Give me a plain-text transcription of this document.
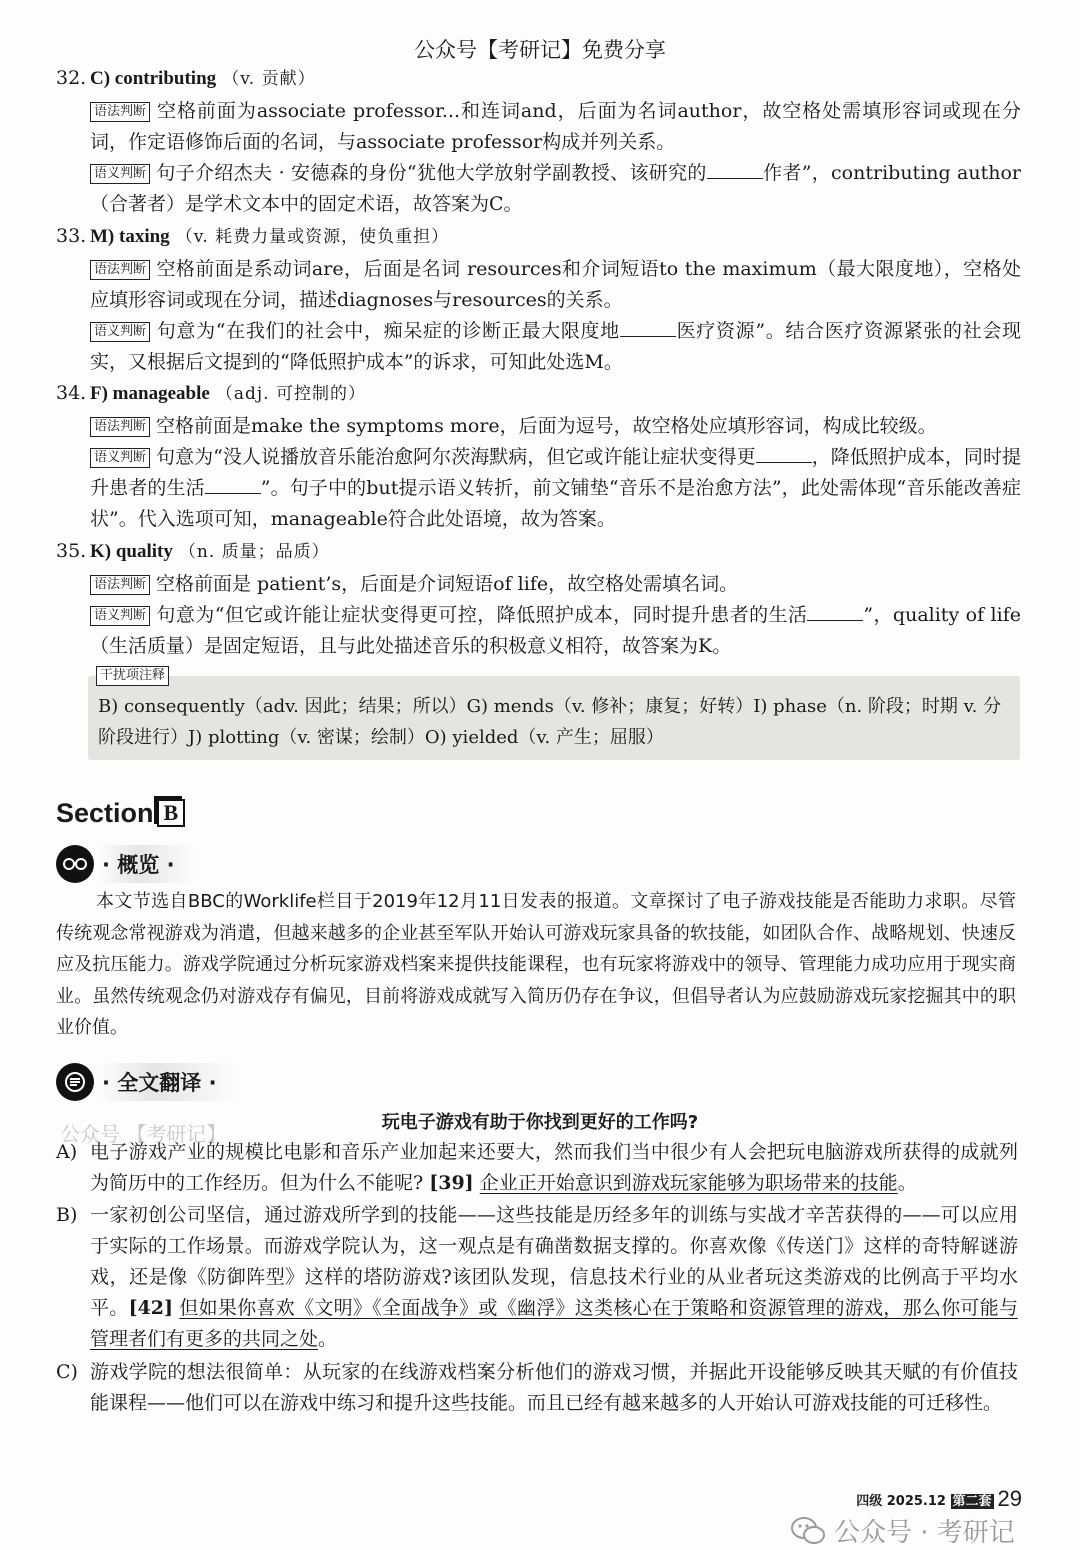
公众号【考研记】免费分享
32. C) contributing （v. 贡献）
语法判断 空格前面为associate professor...和连词and，后面为名词author，故空格处需填形容词或现在分词，作定语修饰后面的名词，与associate professor构成并列关系。
语义判断 句子介绍杰夫 · 安德森的身份“犹他大学放射学副教授、该研究的	作者”，contributing author（合著者）是学术文本中的固定术语，故答案为C。
33. M) taxing （v. 耗费力量或资源，使负重担）
语法判断 空格前面是系动词are，后面是名词 resources和介词短语to the maximum（最大限度地），空格处应填形容词或现在分词，描述diagnoses与resources的关系。
语义判断 句意为“在我们的社会中，痴呆症的诊断正最大限度地	医疗资源”。结合医疗资源紧张的社会现实，又根据后文提到的“降低照护成本”的诉求，可知此处选M。
34. F) manageable （adj. 可控制的）
语法判断 空格前面是make the symptoms more，后面为逗号，故空格处应填形容词，构成比较级。
语义判断 句意为“没人说播放音乐能治愈阿尔茨海默病，但它或许能让症状变得更	，降低照护成本，同时提升患者的生活	”。句子中的but提示语义转折，前文铺垫“音乐不是治愈方法”，此处需体现“音乐能改善症状”。代入选项可知，manageable符合此处语境，故为答案。
35. K) quality （n. 质量；品质）
语法判断 空格前面是 patient’s，后面是介词短语of life，故空格处需填名词。
语义判断 句意为“但它或许能让症状变得更可控，降低照护成本，同时提升患者的生活	”，quality of life（生活质量）是固定短语，且与此处描述音乐的积极意义相符，故答案为K。
B) consequently（adv. 因此；结果；所以）G) mends（v. 修补；康复；好转）I) phase（n. 阶段；时期 v. 分阶段进行）J) plotting（v. 密谋；绘制）O) yielded（v. 产生；屈服）
干扰项注释
Section B
· 概览 ·
本文节选自BBC的Worklife栏目于2019年12月11日发表的报道。文章探讨了电子游戏技能是否能助力求职。尽管传统观念常视游戏为消遣，但越来越多的企业甚至军队开始认可游戏玩家具备的软技能，如团队合作、战略规划、快速反应及抗压能力。游戏学院通过分析玩家游戏档案来提供技能课程，也有玩家将游戏中的领导、管理能力成功应用于现实商业。虽然传统观念仍对游戏存有偏见，目前将游戏成就写入简历仍存在争议，但倡导者认为应鼓励游戏玩家挖掘其中的职业价值。
· 全文翻译 ·
公众号 【考研记】	玩电子游戏有助于你找到更好的工作吗?
A) 电子游戏产业的规模比电影和音乐产业加起来还要大，然而我们当中很少有人会把玩电脑游戏所获得的成就列为简历中的工作经历。但为什么不能呢? [39] 企业正开始意识到游戏玩家能够为职场带来的技能。
B) 一家初创公司坚信，通过游戏所学到的技能——这些技能是历经多年的训练与实战才辛苦获得的——可以应用于实际的工作场景。而游戏学院认为，这一观点是有确凿数据支撑的。你喜欢像《传送门》这样的奇特解谜游戏，还是像《防御阵型》这样的塔防游戏?该团队发现，信息技术行业的从业者玩这类游戏的比例高于平均水平。[42] 但如果你喜欢《文明》《全面战争》或《幽浮》这类核心在于策略和资源管理的游戏，那么你可能与管理者们有更多的共同之处。
C) 游戏学院的想法很简单：从玩家的在线游戏档案分析他们的游戏习惯，并据此开设能够反映其天赋的有价值技能课程——他们可以在游戏中练习和提升这些技能。而且已经有越来越多的人开始认可游戏技能的可迁移性。
四级 2025.12 第二套 29
公众号 · 考研记
